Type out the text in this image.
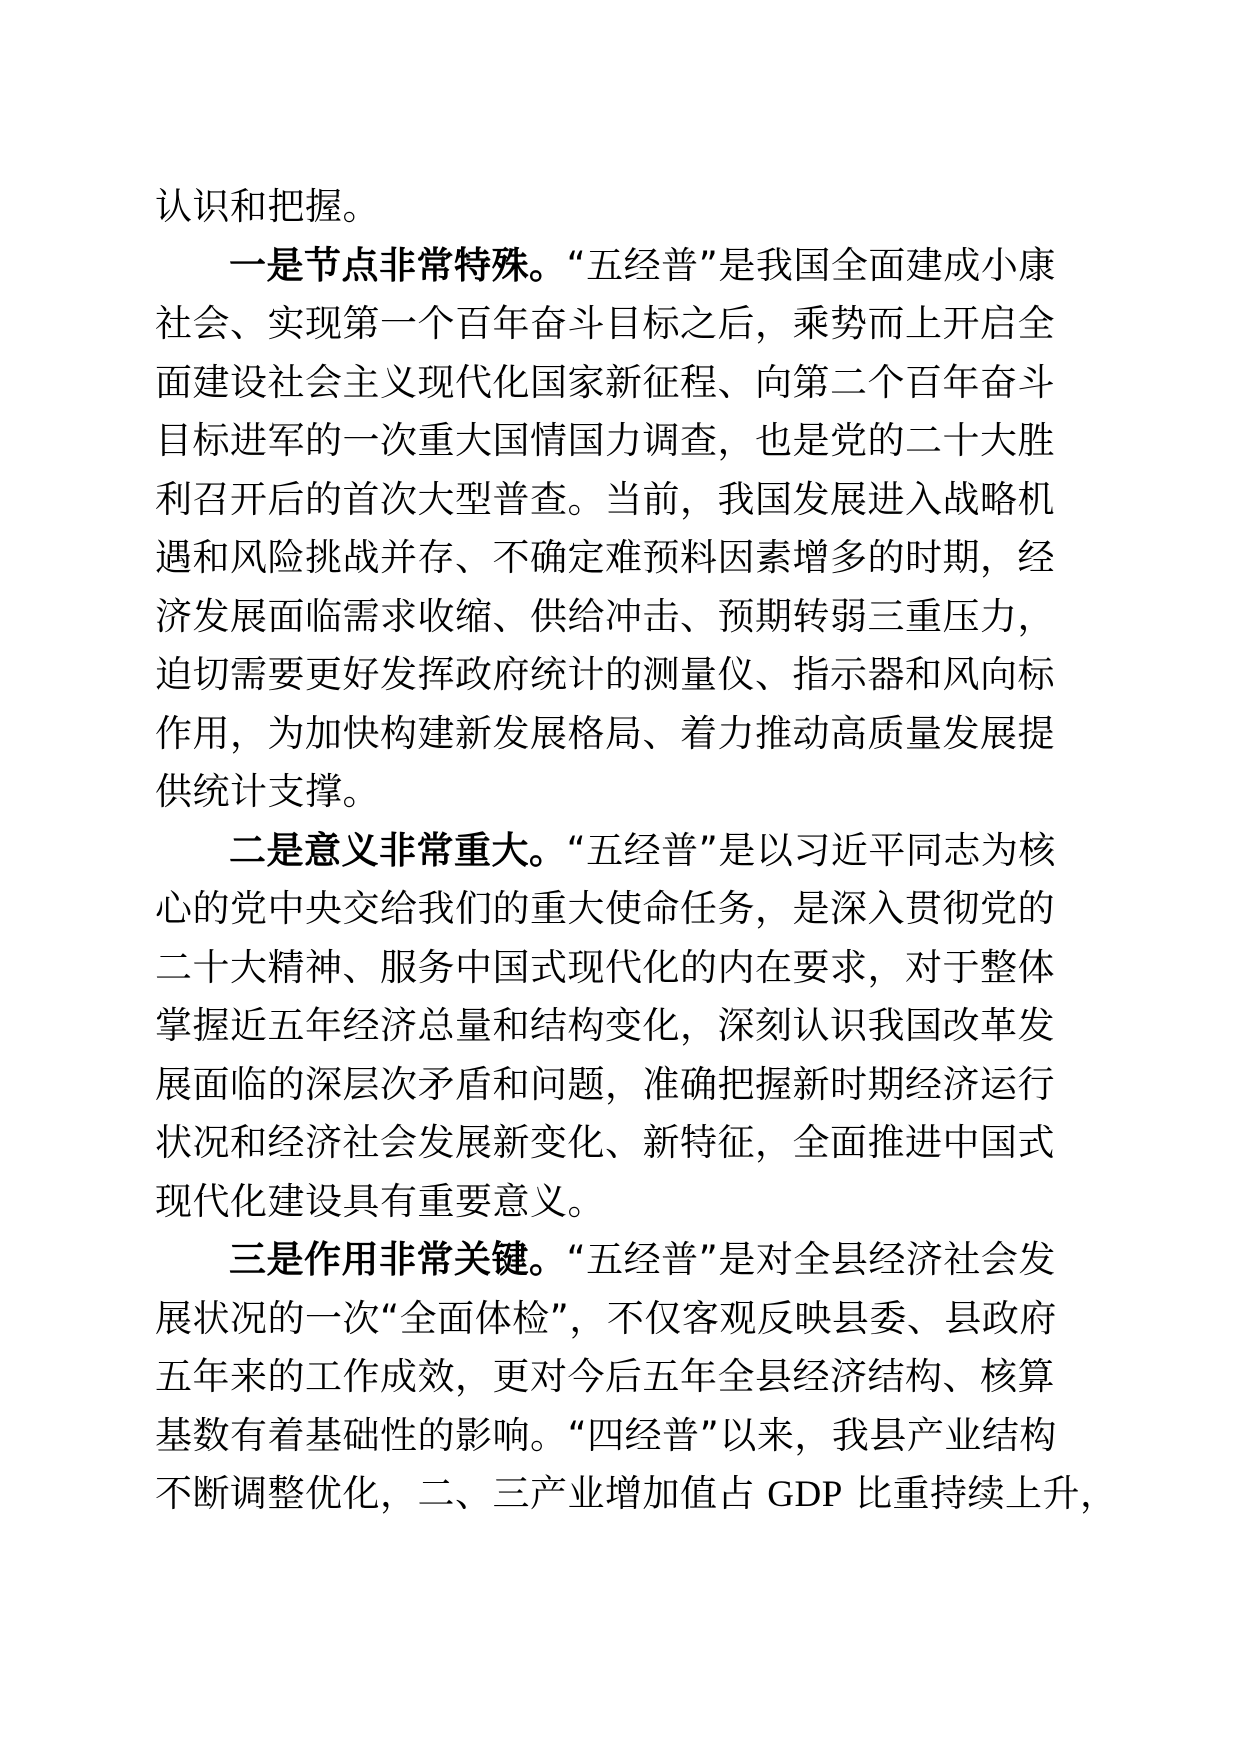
认识和把握。
一是节点非常特殊。“五经普”是我国全面建成小康
社会、实现第一个百年奋斗目标之后，乘势而上开启全
面建设社会主义现代化国家新征程、向第二个百年奋斗
目标进军的一次重大国情国力调查，也是党的二十大胜
利召开后的首次大型普查。当前，我国发展进入战略机
遇和风险挑战并存、不确定难预料因素增多的时期，经
济发展面临需求收缩、供给冲击、预期转弱三重压力，
迫切需要更好发挥政府统计的测量仪、指示器和风向标
作用，为加快构建新发展格局、着力推动高质量发展提
供统计支撑。
二是意义非常重大。“五经普”是以习近平同志为核
心的党中央交给我们的重大使命任务，是深入贯彻党的
二十大精神、服务中国式现代化的内在要求，对于整体
掌握近五年经济总量和结构变化，深刻认识我国改革发
展面临的深层次矛盾和问题，准确把握新时期经济运行
状况和经济社会发展新变化、新特征，全面推进中国式
现代化建设具有重要意义。
三是作用非常关键。“五经普”是对全县经济社会发
展状况的一次“全面体检”，不仅客观反映县委、县政府
五年来的工作成效，更对今后五年全县经济结构、核算
基数有着基础性的影响。“四经普”以来，我县产业结构
不断调整优化，二、三产业增加值占 GDP 比重持续上升，
